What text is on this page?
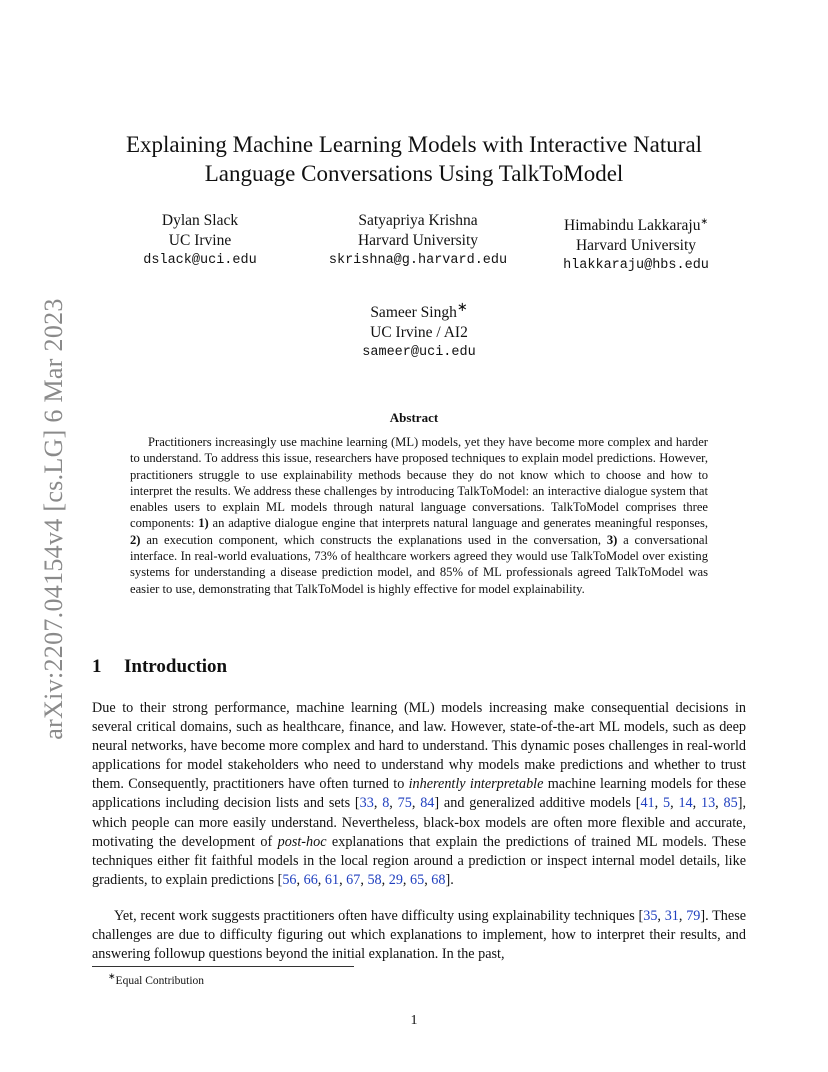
arXiv:2207.04154v4 [cs.LG] 6 Mar 2023
Explaining Machine Learning Models with Interactive Natural
Language Conversations Using TalkToModel
Dylan Slack
UC Irvine
dslack@uci.edu
Satyapriya Krishna
Harvard University
skrishna@g.harvard.edu
Himabindu Lakkaraju∗
Harvard University
hlakkaraju@hbs.edu
Sameer Singh∗
UC Irvine / AI2
sameer@uci.edu
Abstract

Practitioners increasingly use machine learning (ML) models, yet they have become more complex and harder to understand. To address this issue, researchers have proposed techniques to explain model predictions. However, practitioners struggle to use explainability methods because they do not know which to choose and how to interpret the results. We address these challenges by introducing TalkToModel: an interactive dialogue system that enables users to explain ML models through natural language conversations. TalkToModel comprises three components: 1) an adaptive dialogue engine that interprets natural language and generates meaningful responses, 2) an execution component, which constructs the explanations used in the conversation, 3) a conversational interface. In real-world evaluations, 73% of healthcare workers agreed they would use TalkToModel over existing systems for understanding a disease prediction model, and 85% of ML professionals agreed TalkToModel was easier to use, demonstrating that TalkToModel is highly effective for model explainability.

1 Introduction

Due to their strong performance, machine learning (ML) models increasing make consequential decisions in several critical domains, such as healthcare, finance, and law. However, state-of-the-art ML models, such as deep neural networks, have become more complex and hard to understand. This dynamic poses challenges in real-world applications for model stakeholders who need to understand why models make predictions and whether to trust them. Consequently, practitioners have often turned to inherently interpretable machine learning models for these applications including decision lists and sets [33, 8, 75, 84] and generalized additive models [41, 5, 14, 13, 85], which people can more easily understand. Nevertheless, black-box models are often more flexible and accurate, motivating the development of post-hoc explanations that explain the predictions of trained ML models. These techniques either fit faithful models in the local region around a prediction or inspect internal model details, like gradients, to explain predictions [56, 66, 61, 67, 58, 29, 65, 68].

Yet, recent work suggests practitioners often have difficulty using explainability techniques [35, 31, 79]. These challenges are due to difficulty figuring out which explanations to implement, how to interpret their results, and answering followup questions beyond the initial explanation. In the past,

∗Equal Contribution
1
